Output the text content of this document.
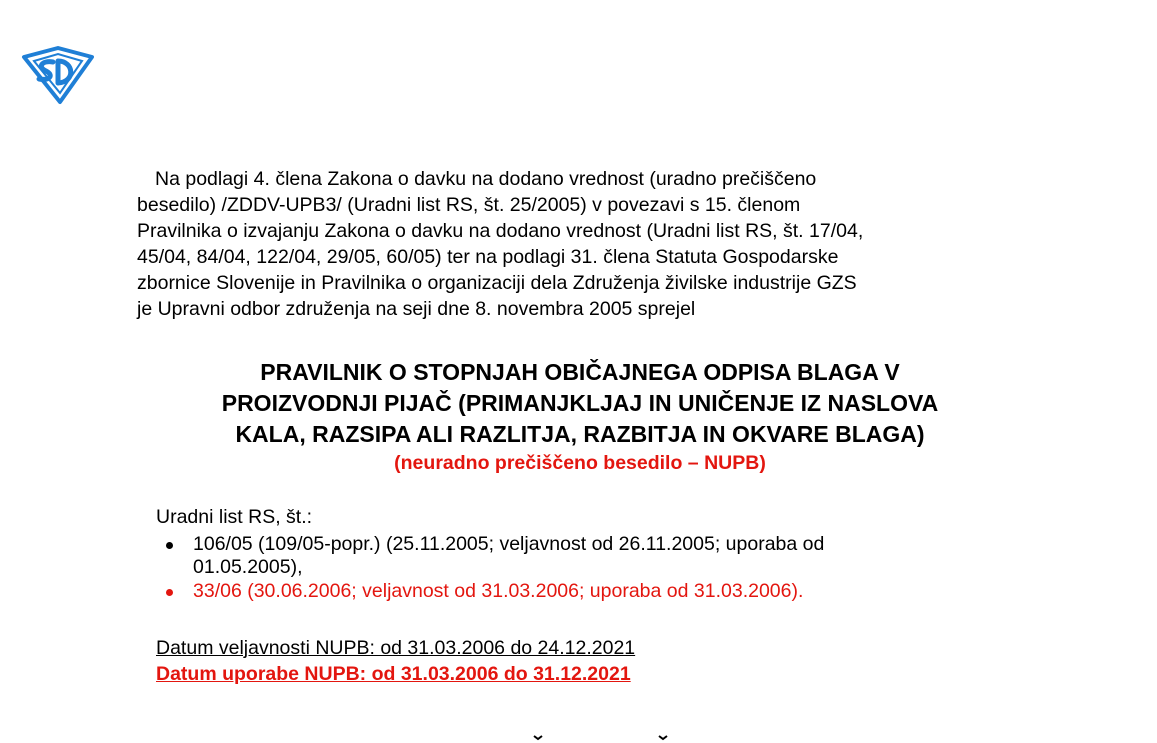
Na podlagi 4. člena Zakona o davku na dodano vrednost (uradno prečiščeno
besedilo) /ZDDV-UPB3/ (Uradni list RS, št. 25/2005) v povezavi s 15. členom
Pravilnika o izvajanju Zakona o davku na dodano vrednost (Uradni list RS, št. 17/04,
45/04, 84/04, 122/04, 29/05, 60/05) ter na podlagi 31. člena Statuta Gospodarske
zbornice Slovenije in Pravilnika o organizaciji dela Združenja živilske industrije GZS
je Upravni odbor združenja na seji dne 8. novembra 2005 sprejel
PRAVILNIK O STOPNJAH OBIČAJNEGA ODPISA BLAGA V
PROIZVODNJI PIJAČ (PRIMANJKLJAJ IN UNIČENJE IZ NASLOVA
KALA, RAZSIPA ALI RAZLITJA, RAZBITJA IN OKVARE BLAGA)
(neuradno prečiščeno besedilo – NUPB)
Uradni list RS, št.:
106/05 (109/05-popr.) (25.11.2005; veljavnost od 26.11.2005; uporaba od
01.05.2005),
33/06 (30.06.2006; veljavnost od 31.03.2006; uporaba od 31.03.2006).
Datum veljavnosti NUPB: od 31.03.2006 do 24.12.2021
Datum uporabe NUPB: od 31.03.2006 do 31.12.2021
